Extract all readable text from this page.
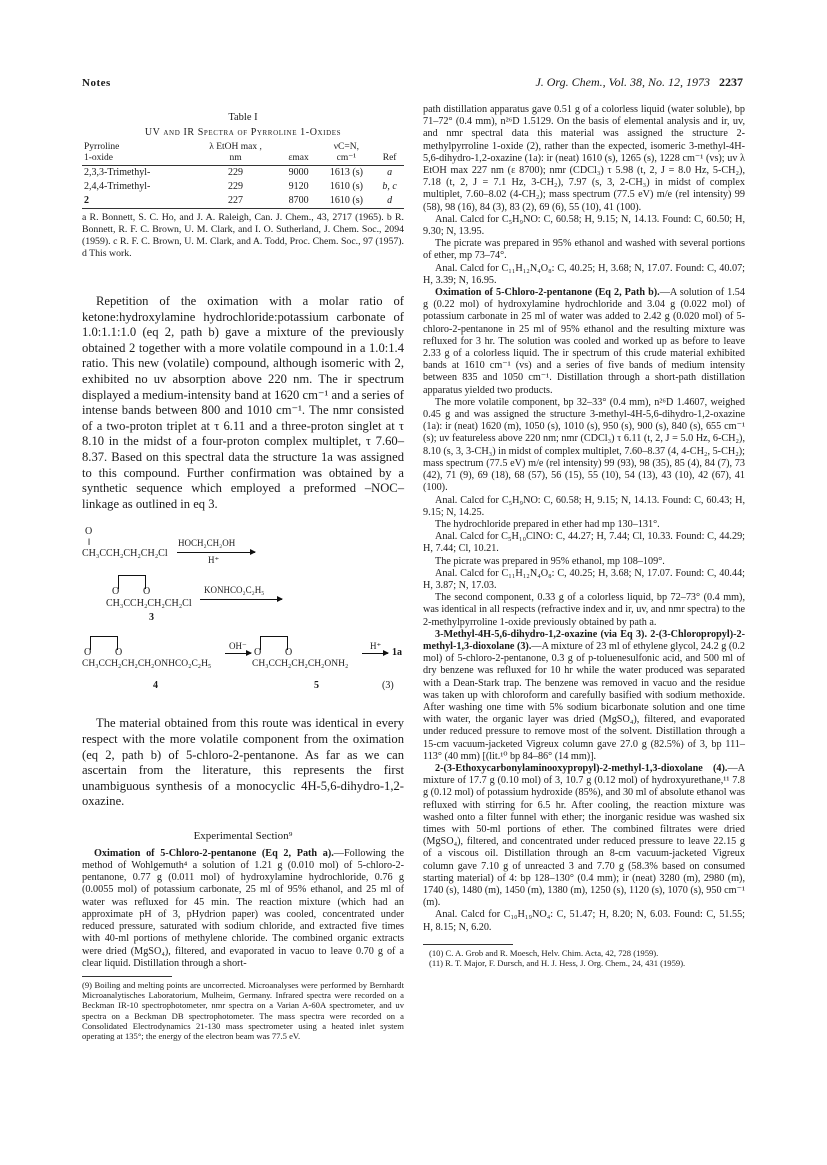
Notes	J. Org. Chem., Vol. 38, No. 12, 1973 2237
Table I
UV and IR Spectra of Pyrroline 1-Oxides
Pyrroline
1-oxide	λ EtOH max ,
nm	εmax	νC=N,
cm⁻¹	Ref
2,3,3-Trimethyl-	229	9000	1613 (s)	a
2,4,4-Trimethyl-	229	9120	1610 (s)	b, c
2	227	8700	1610 (s)	d
a R. Bonnett, S. C. Ho, and J. A. Raleigh, Can. J. Chem., 43, 2717 (1965). b R. Bonnett, R. F. C. Brown, U. M. Clark, and I. O. Sutherland, J. Chem. Soc., 2094 (1959). c R. F. C. Brown, U. M. Clark, and A. Todd, Proc. Chem. Soc., 97 (1957). d This work.

Repetition of the oximation with a molar ratio of ketone:hydroxylamine hydrochloride:potassium carbonate of 1.0:1.1:1.0 (eq 2, path b) gave a mixture of the previously obtained 2 together with a more volatile compound in a 1.0:1.4 ratio. This new (volatile) compound, although isomeric with 2, exhibited no uv absorption above 220 nm. The ir spectrum displayed a medium-intensity band at 1620 cm⁻¹ and a series of intense bands between 800 and 1010 cm⁻¹. The nmr consisted of a two-proton triplet at τ 6.11 and a three-proton singlet at τ 8.10 in the midst of a four-proton complex multiplet, τ 7.60–8.37. Based on this spectral data the structure 1a was assigned to this compound. Further confirmation was obtained by a synthetic sequence which employed a preformed –NOC– linkage as outlined in eq 3.

O
‖
CH₃CCH₂CH₂CH₂Cl
HOCH₂CH₂OH
H⁺
O O
CH₃CCH₂CH₂CH₂Cl
3
KONHCO₂C₂H₅
O O
CH₃CCH₂CH₂CH₂ONHCO₂C₂H₅
4
OH⁻
→ O O
CH₃CCH₂CH₂CH₂ONH₂
5
H⁺
→ 1a
(3)

The material obtained from this route was identical in every respect with the more volatile component from the oximation (eq 2, path b) of 5-chloro-2-pentanone. As far as we can ascertain from the literature, this represents the first unambiguous synthesis of a monocyclic 4H-5,6-dihydro-1,2-oxazine.

Experimental Section⁹

Oximation of 5-Chloro-2-pentanone (Eq 2, Path a).—Following the method of Wohlgemuth⁴ a solution of 1.21 g (0.010 mol) of 5-chloro-2-pentanone, 0.77 g (0.011 mol) of hydroxylamine hydrochloride, 0.76 g (0.0055 mol) of potassium carbonate, 25 ml of 95% ethanol, and 25 ml of water was refluxed for 45 min. The reaction mixture (which had an approximate pH of 3, pHydrion paper) was cooled, concentrated under reduced pressure, saturated with sodium chloride, and extracted five times with 40-ml portions of methylene chloride. The combined organic extracts were dried (MgSO₄), filtered, and evaporated in vacuo to leave 0.70 g of a clear liquid. Distillation through a short-

(9) Boiling and melting points are uncorrected. Microanalyses were performed by Bernhardt Microanalytisches Laboratorium, Mulheim, Germany. Infrared spectra were recorded on a Beckman IR-10 spectrophotometer, nmr spectra on a Varian A-60A spectrometer, and uv spectra on a Beckman DB spectrophotometer. The mass spectra were recorded on a Consolidated Electrodynamics 21-130 mass spectrometer using a heated inlet system operating at 135°; the energy of the electron beam was 77.5 eV.

path distillation apparatus gave 0.51 g of a colorless liquid (water soluble), bp 71–72° (0.4 mm), n²⁶D 1.5129. On the basis of elemental analysis and ir, uv, and nmr spectral data this material was assigned the structure 2-methylpyrroline 1-oxide (2), rather than the expected, isomeric 3-methyl-4H-5,6-dihydro-1,2-oxazine (1a): ir (neat) 1610 (s), 1265 (s), 1228 cm⁻¹ (vs); uv λ EtOH max 227 nm (ε 8700); nmr (CDCl₃) τ 5.98 (t, 2, J = 8.0 Hz, 5-CH₂), 7.18 (t, 2, J = 7.1 Hz, 3-CH₂), 7.97 (s, 3, 2-CH₃) in midst of complex multiplet, 7.60–8.02 (4-CH₂); mass spectrum (77.5 eV) m/e (rel intensity) 99 (58), 98 (16), 84 (3), 83 (2), 69 (6), 55 (10), 41 (100).

Anal. Calcd for C₅H₉NO: C, 60.58; H, 9.15; N, 14.13. Found: C, 60.50; H, 9.30; N, 13.95.

The picrate was prepared in 95% ethanol and washed with several portions of ether, mp 73–74°.

Anal. Calcd for C₁₁H₁₂N₄O₈: C, 40.25; H, 3.68; N, 17.07. Found: C, 40.07; H, 3.39; N, 16.95.

Oximation of 5-Chloro-2-pentanone (Eq 2, Path b).—A solution of 1.54 g (0.22 mol) of hydroxylamine hydrochloride and 3.04 g (0.022 mol) of potassium carbonate in 25 ml of water was added to 2.42 g (0.020 mol) of 5-chloro-2-pentanone in 25 ml of 95% ethanol and the resulting mixture was refluxed for 3 hr. The solution was cooled and worked up as before to leave 2.33 g of a colorless liquid. The ir spectrum of this crude material exhibited bands at 1610 cm⁻¹ (vs) and a series of five bands of medium intensity between 835 and 1050 cm⁻¹. Distillation through a short-path distillation apparatus yielded two products.

The more volatile component, bp 32–33° (0.4 mm), n²⁶D 1.4607, weighed 0.45 g and was assigned the structure 3-methyl-4H-5,6-dihydro-1,2-oxazine (1a): ir (neat) 1620 (m), 1050 (s), 1010 (s), 950 (s), 900 (s), 840 (s), 655 cm⁻¹ (s); uv featureless above 220 nm; nmr (CDCl₃) τ 6.11 (t, 2, J = 5.0 Hz, 6-CH₂), 8.10 (s, 3, 3-CH₃) in midst of complex multiplet, 7.60–8.37 (4, 4-CH₂, 5-CH₂); mass spectrum (77.5 eV) m/e (rel intensity) 99 (93), 98 (35), 85 (4), 84 (7), 73 (42), 71 (9), 69 (18), 68 (57), 56 (15), 55 (10), 54 (13), 43 (10), 42 (67), 41 (100).

Anal. Calcd for C₅H₉NO: C, 60.58; H, 9.15; N, 14.13. Found: C, 60.43; H, 9.15; N, 14.25.

The hydrochloride prepared in ether had mp 130–131°.

Anal. Calcd for C₅H₁₀ClNO: C, 44.27; H, 7.44; Cl, 10.33. Found: C, 44.29; H, 7.44; Cl, 10.21.

The picrate was prepared in 95% ethanol, mp 108–109°.

Anal. Calcd for C₁₁H₁₂N₄O₈: C, 40.25; H, 3.68; N, 17.07. Found: C, 40.44; H, 3.87; N, 17.03.

The second component, 0.33 g of a colorless liquid, bp 72–73° (0.4 mm), was identical in all respects (refractive index and ir, uv, and nmr spectra) to the 2-methylpyrroline 1-oxide previously obtained by path a.

3-Methyl-4H-5,6-dihydro-1,2-oxazine (via Eq 3). 2-(3-Chloropropyl)-2-methyl-1,3-dioxolane (3).—A mixture of 23 ml of ethylene glycol, 24.2 g (0.2 mol) of 5-chloro-2-pentanone, 0.3 g of p-toluenesulfonic acid, and 500 ml of dry benzene was refluxed for 10 hr while the water produced was separated with a Dean-Stark trap. The benzene was removed in vacuo and the residue was taken up with chloroform and carefully basified with sodium methoxide. After washing one time with 5% sodium bicarbonate solution and one time with water, the organic layer was dried (MgSO₄), filtered, and evaporated under reduced pressure to remove most of the solvent. Distillation through a 15-cm vacuum-jacketed Vigreux column gave 27.0 g (82.5%) of 3, bp 111–113° (40 mm) [(lit.¹⁰ bp 84–86° (14 mm)].

2-(3-Ethoxycarbonylaminooxypropyl)-2-methyl-1,3-dioxolane (4).—A mixture of 17.7 g (0.10 mol) of 3, 10.7 g (0.12 mol) of hydroxyurethane,¹¹ 7.8 g (0.12 mol) of potassium hydroxide (85%), and 30 ml of absolute ethanol was refluxed with stirring for 6.5 hr. After cooling, the reaction mixture was washed onto a filter funnel with ether; the inorganic residue was washed six times with 50-ml portions of ether. The combined filtrates were dried (MgSO₄), filtered, and concentrated under reduced pressure to leave 22.15 g of a viscous oil. Distillation through an 8-cm vacuum-jacketed Vigreux column gave 7.10 g of unreacted 3 and 7.70 g (58.3% based on consumed starting material) of 4: bp 128–130° (0.4 mm); ir (neat) 3280 (m), 2980 (m), 1740 (s), 1480 (m), 1450 (m), 1380 (m), 1250 (s), 1120 (s), 1070 (s), 950 cm⁻¹ (m).

Anal. Calcd for C₁₀H₁₉NO₄: C, 51.47; H, 8.20; N, 6.03. Found: C, 51.55; H, 8.15; N, 6.20.

(10) C. A. Grob and R. Moesch, Helv. Chim. Acta, 42, 728 (1959).

(11) R. T. Major, F. Dursch, and H. J. Hess, J. Org. Chem., 24, 431 (1959).
